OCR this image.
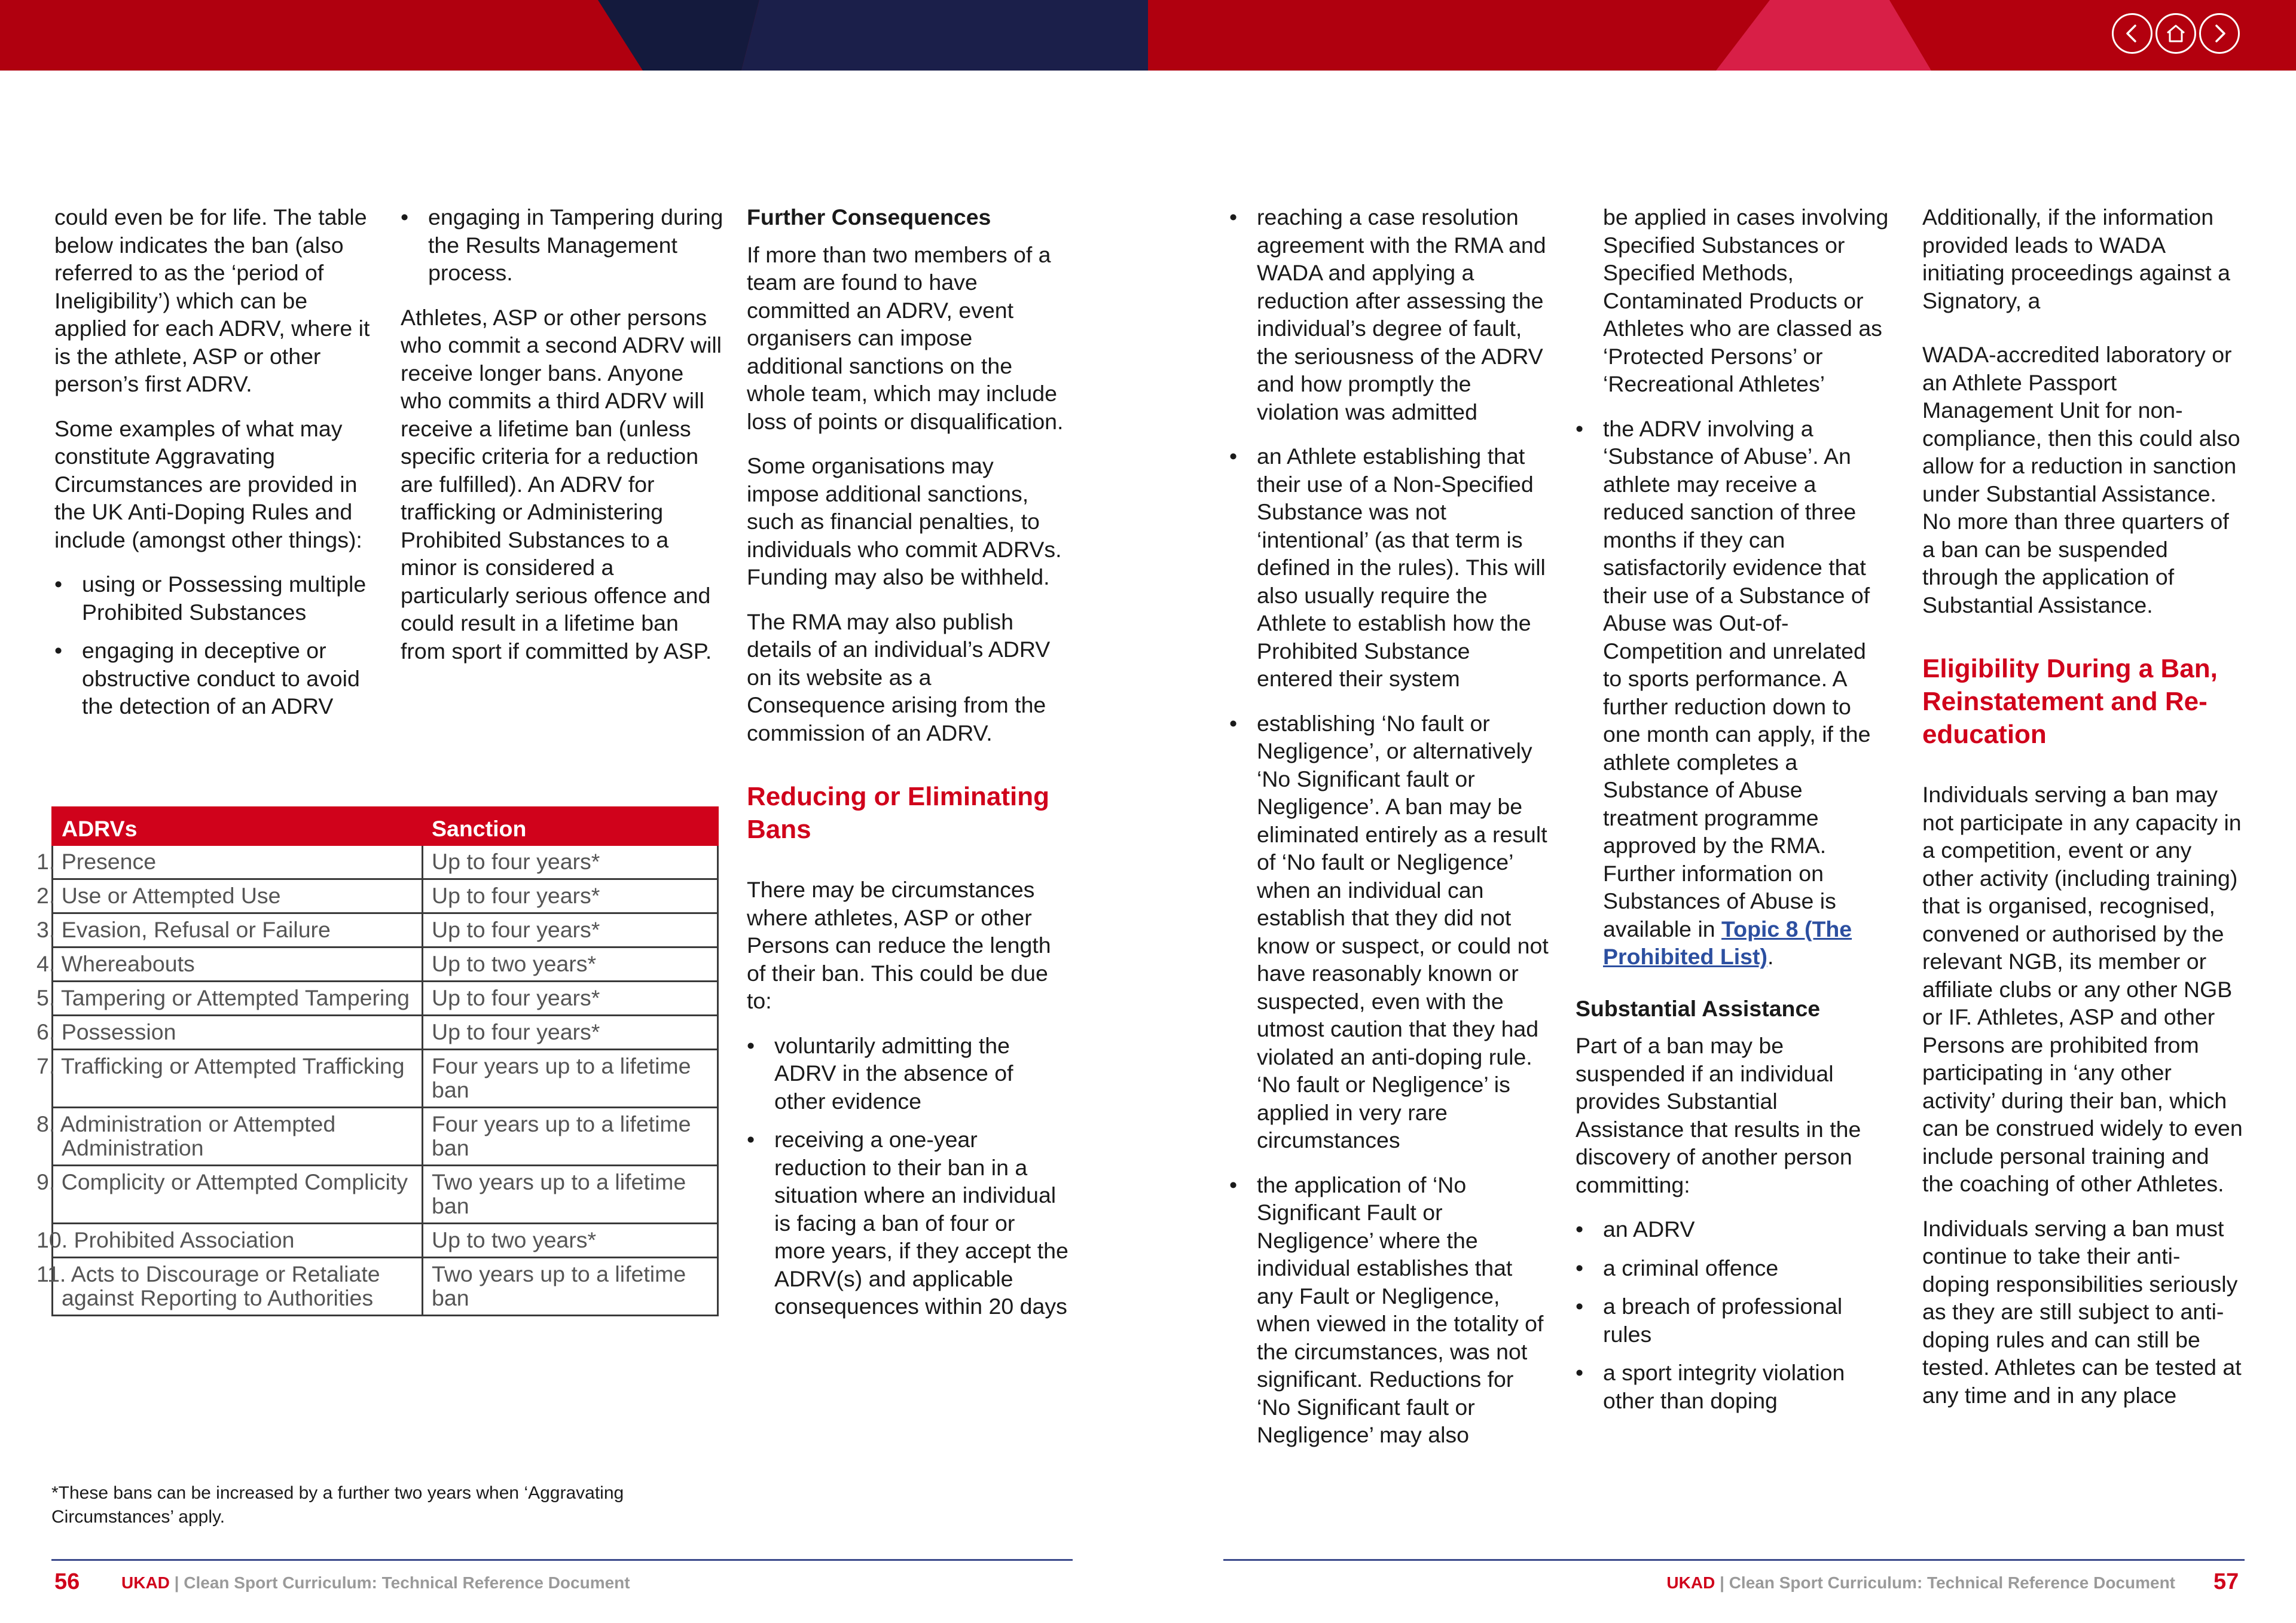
could even be for life. The table below indicates the ban (also referred to as the ‘period of Ineligibility’) which can be applied for each ADRV, where it is the athlete, ASP or other person’s first ADRV.

Some examples of what may constitute Aggravating Circumstances are provided in the UK Anti-Doping Rules and include (amongst other things):

• using or Possessing multiple Prohibited Substances
• engaging in deceptive or obstructive conduct to avoid the detection of an ADRV
• engaging in Tampering during the Results Management process.

Athletes, ASP or other persons who commit a second ADRV will receive longer bans. Anyone who commits a third ADRV will receive a lifetime ban (unless specific criteria for a reduction are fulfilled). An ADRV for trafficking or Administering Prohibited Substances to a minor is considered a particularly serious offence and could result in a lifetime ban from sport if committed by ASP.

Further Consequences

If more than two members of a team are found to have committed an ADRV, event organisers can impose additional sanctions on the whole team, which may include loss of points or disqualification.

Some organisations may impose additional sanctions, such as financial penalties, to individuals who commit ADRVs. Funding may also be withheld.

The RMA may also publish details of an individual’s ADRV on its website as a Consequence arising from the commission of an ADRV.

Reducing or Eliminating Bans

There may be circumstances where athletes, ASP or other Persons can reduce the length of their ban. This could be due to:

• voluntarily admitting the ADRV in the absence of other evidence
• receiving a one-year reduction to their ban in a situation where an individual is facing a ban of four or more years, if they accept the ADRV(s) and applicable consequences within 20 days
ADRVs	Sanction
1. Presence	Up to four years*
2. Use or Attempted Use	Up to four years*
3. Evasion, Refusal or Failure	Up to four years*
4. Whereabouts	Up to two years*
5. Tampering or Attempted Tampering	Up to four years*
6. Possession	Up to four years*
7. Trafficking or Attempted Trafficking	Four years up to a lifetime ban
8. Administration or Attempted Administration	Four years up to a lifetime ban
9. Complicity or Attempted Complicity	Two years up to a lifetime ban
10. Prohibited Association	Up to two years*
11. Acts to Discourage or Retaliate against Reporting to Authorities	Two years up to a lifetime ban
*These bans can be increased by a further two years when ‘Aggravating Circumstances’ apply.
56 UKAD | Clean Sport Curriculum: Technical Reference Document
• reaching a case resolution agreement with the RMA and WADA and applying a reduction after assessing the individual’s degree of fault, the seriousness of the ADRV and how promptly the violation was admitted
• an Athlete establishing that their use of a Non-Specified Substance was not ‘intentional’ (as that term is defined in the rules). This will also usually require the Athlete to establish how the Prohibited Substance entered their system
• establishing ‘No fault or Negligence’, or alternatively ‘No Significant fault or Negligence’. A ban may be eliminated entirely as a result of ‘No fault or Negligence’ when an individual can establish that they did not know or suspect, or could not have reasonably known or suspected, even with the utmost caution that they had violated an anti-doping rule. ‘No fault or Negligence’ is applied in very rare circumstances
• the application of ‘No Significant Fault or Negligence’ where the individual establishes that any Fault or Negligence, when viewed in the totality of the circumstances, was not significant. Reductions for ‘No Significant fault or Negligence’ may also

be applied in cases involving Specified Substances or Specified Methods, Contaminated Products or Athletes who are classed as ‘Protected Persons’ or ‘Recreational Athletes’

• the ADRV involving a ‘Substance of Abuse’. An athlete may receive a reduced sanction of three months if they can satisfactorily evidence that their use of a Substance of Abuse was Out-of-Competition and unrelated to sports performance. A further reduction down to one month can apply, if the athlete completes a Substance of Abuse treatment programme approved by the RMA. Further information on Substances of Abuse is available in Topic 8 (The Prohibited List).
Substantial Assistance

Part of a ban may be suspended if an individual provides Substantial Assistance that results in the discovery of another person committing:

• an ADRV
• a criminal offence
• a breach of professional rules
• a sport integrity violation other than doping

Additionally, if the information provided leads to WADA initiating proceedings against a Signatory, a

WADA-accredited laboratory or an Athlete Passport Management Unit for non-compliance, then this could also allow for a reduction in sanction under Substantial Assistance. No more than three quarters of a ban can be suspended through the application of Substantial Assistance.

Eligibility During a Ban, Reinstatement and Re-education

Individuals serving a ban may not participate in any capacity in a competition, event or any other activity (including training) that is organised, recognised, convened or authorised by the relevant NGB, its member or affiliate clubs or any other NGB or IF. Athletes, ASP and other Persons are prohibited from participating in ‘any other activity’ during their ban, which can be construed widely to even include personal training and the coaching of other Athletes.

Individuals serving a ban must continue to take their anti-doping responsibilities seriously as they are still subject to anti-doping rules and can still be tested. Athletes can be tested at any time and in any place

UKAD | Clean Sport Curriculum: Technical Reference Document 57
